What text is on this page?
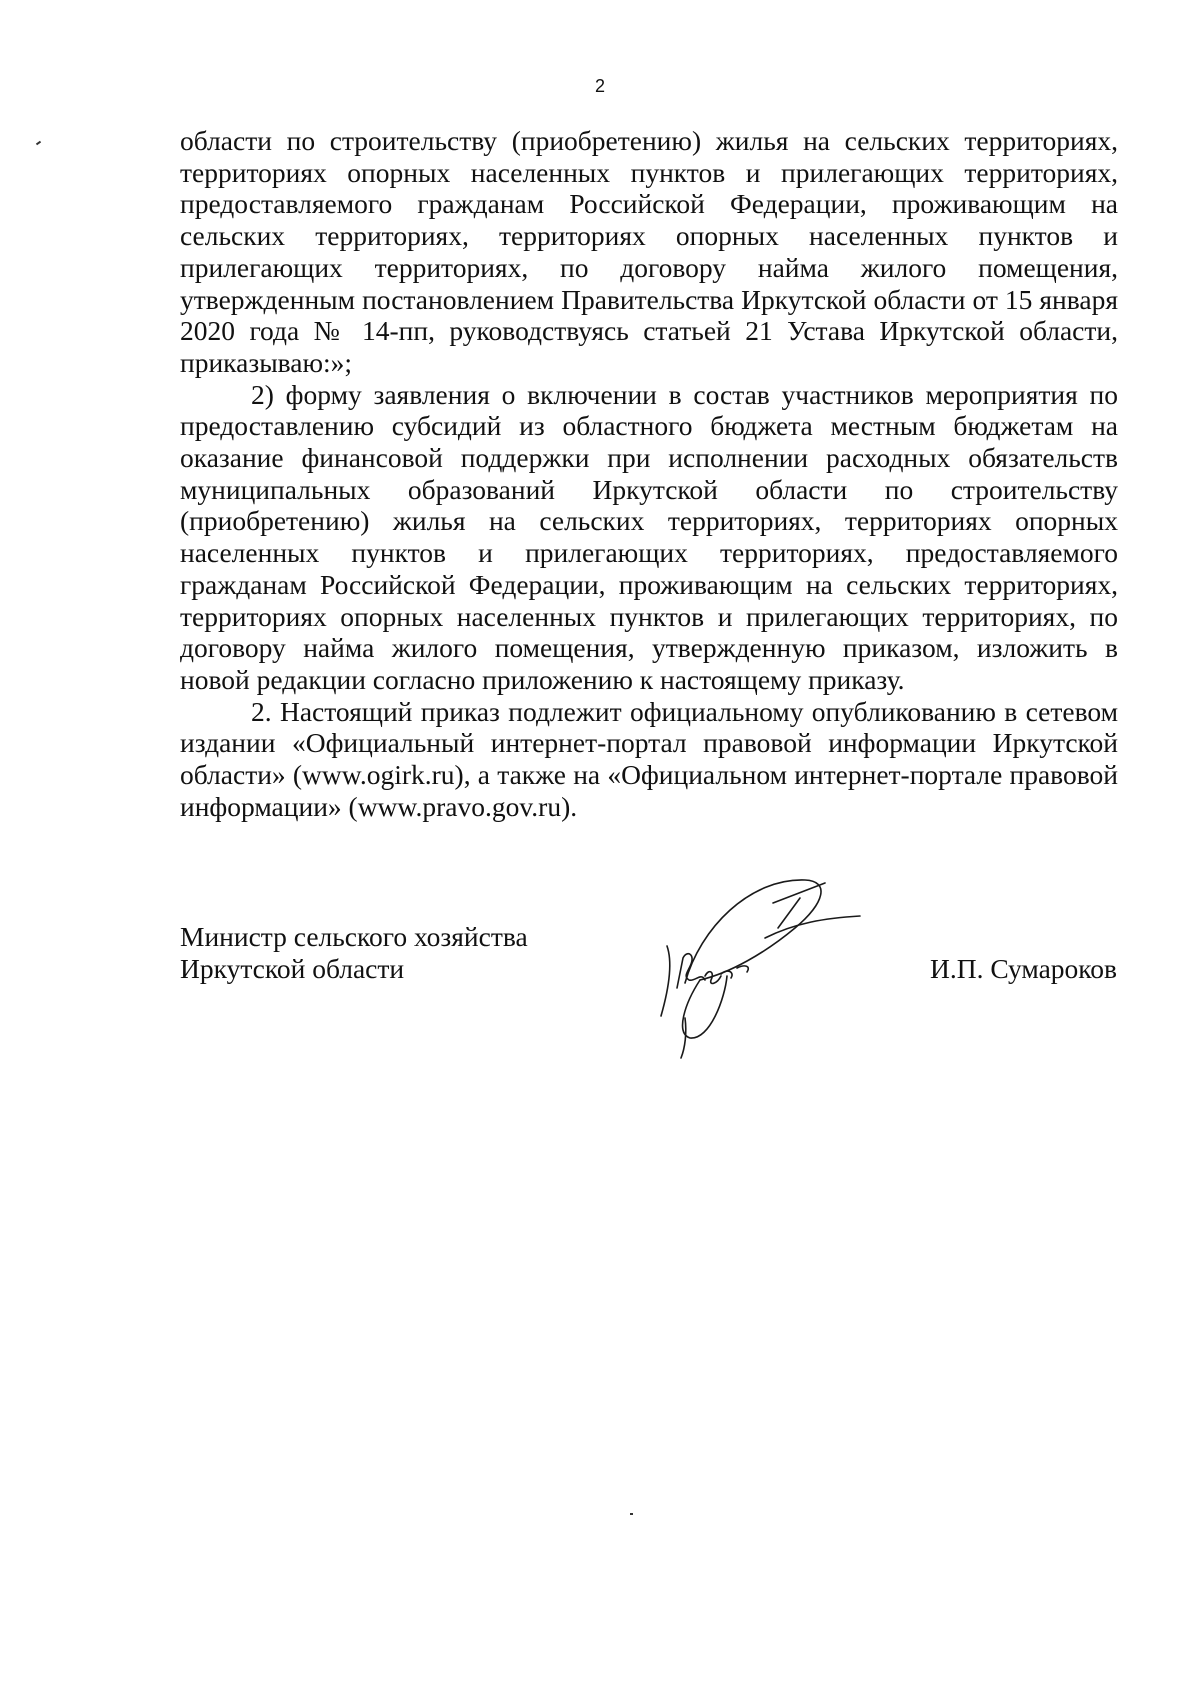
2

области по строительству (приобретению) жилья на сельских территориях, территориях опорных населенных пунктов и прилегающих территориях, предоставляемого гражданам Российской Федерации, проживающим на сельских территориях, территориях опорных населенных пунктов и прилегающих территориях, по договору найма жилого помещения, утвержденным постановлением Правительства Иркутской области от 15 января 2020 года № 14-пп, руководствуясь статьей 21 Устава Иркутской области, приказываю:»;

2) форму заявления о включении в состав участников мероприятия по предоставлению субсидий из областного бюджета местным бюджетам на оказание финансовой поддержки при исполнении расходных обязательств муниципальных образований Иркутской области по строительству (приобретению) жилья на сельских территориях, территориях опорных населенных пунктов и прилегающих территориях, предоставляемого гражданам Российской Федерации, проживающим на сельских территориях, территориях опорных населенных пунктов и прилегающих территориях, по договору найма жилого помещения, утвержденную приказом, изложить в новой редакции согласно приложению к настоящему приказу.

2. Настоящий приказ подлежит официальному опубликованию в сетевом издании «Официальный интернет-портал правовой информации Иркутской области» (www.ogirk.ru), а также на «Официальном интернет-портале правовой информации» (www.pravo.gov.ru).

Министр сельского хозяйства
Иркутской области	И.П. Сумароков
